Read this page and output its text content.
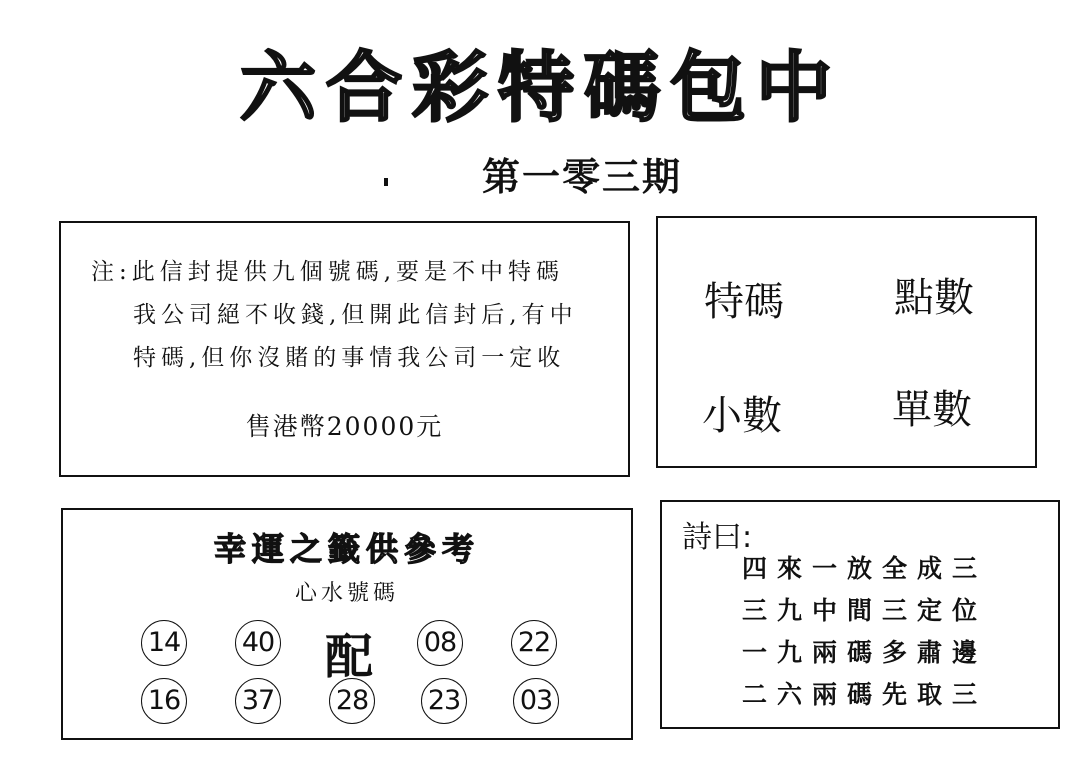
六合彩特碼包中
第一零三期
注:此信封提供九個號碼,要是不中特碼
我公司絕不收錢,但開此信封后,有中
特碼,但你沒賭的事情我公司一定收
售港幣20000元
特碼	點數
小數	單數
幸運之籤供參考
心水號碼
14 40 配 08 22
16 37 28 23 03
詩曰:
四來一放全成三
三九中間三定位
一九兩碼多肅邊
二六兩碼先取三
